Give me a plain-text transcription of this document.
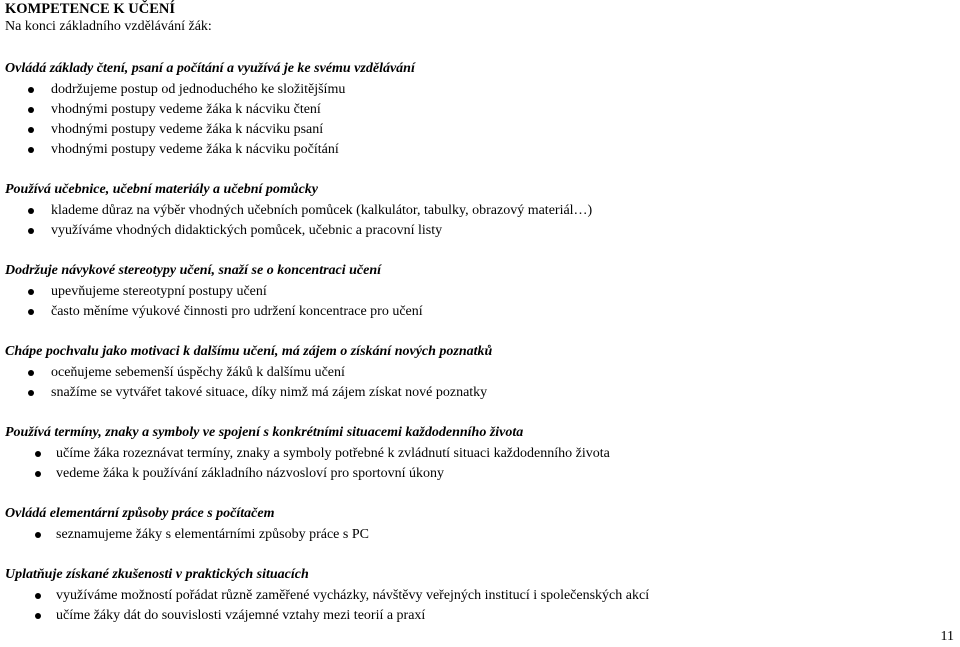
KOMPETENCE K UČENÍ

Na konci základního vzdělávání žák:

Ovládá základy čtení, psaní a počítání a využívá je ke svému vzdělávání

dodržujeme postup od jednoduchého ke složitějšímu
vhodnými postupy vedeme žáka k nácviku čtení
vhodnými postupy vedeme žáka k nácviku psaní
vhodnými postupy vedeme žáka k nácviku počítání

Používá učebnice, učební materiály a učební pomůcky

klademe důraz na výběr vhodných učebních pomůcek (kalkulátor, tabulky, obrazový materiál…)
využíváme vhodných didaktických pomůcek, učebnic a pracovní listy

Dodržuje návykové stereotypy učení, snaží se o koncentraci učení

upevňujeme stereotypní postupy učení
často měníme výukové činnosti pro udržení koncentrace pro učení

Chápe pochvalu jako motivaci k dalšímu učení, má zájem o získání nových poznatků

oceňujeme sebemenší úspěchy žáků k dalšímu učení
snažíme se vytvářet takové situace, díky nimž má zájem získat nové poznatky

Používá termíny, znaky a symboly ve spojení s konkrétními situacemi každodenního života

učíme žáka rozeznávat termíny, znaky a symboly potřebné k zvládnutí situaci každodenního života
vedeme žáka k používání základního názvosloví pro sportovní úkony

Ovládá elementární způsoby práce s počítačem

seznamujeme žáky s elementárními způsoby práce s PC

Uplatňuje získané zkušenosti v praktických situacích

využíváme možností pořádat různě zaměřené vycházky, návštěvy veřejných institucí i společenských akcí
učíme žáky dát do souvislosti vzájemné vztahy mezi teorií a praxí
11
